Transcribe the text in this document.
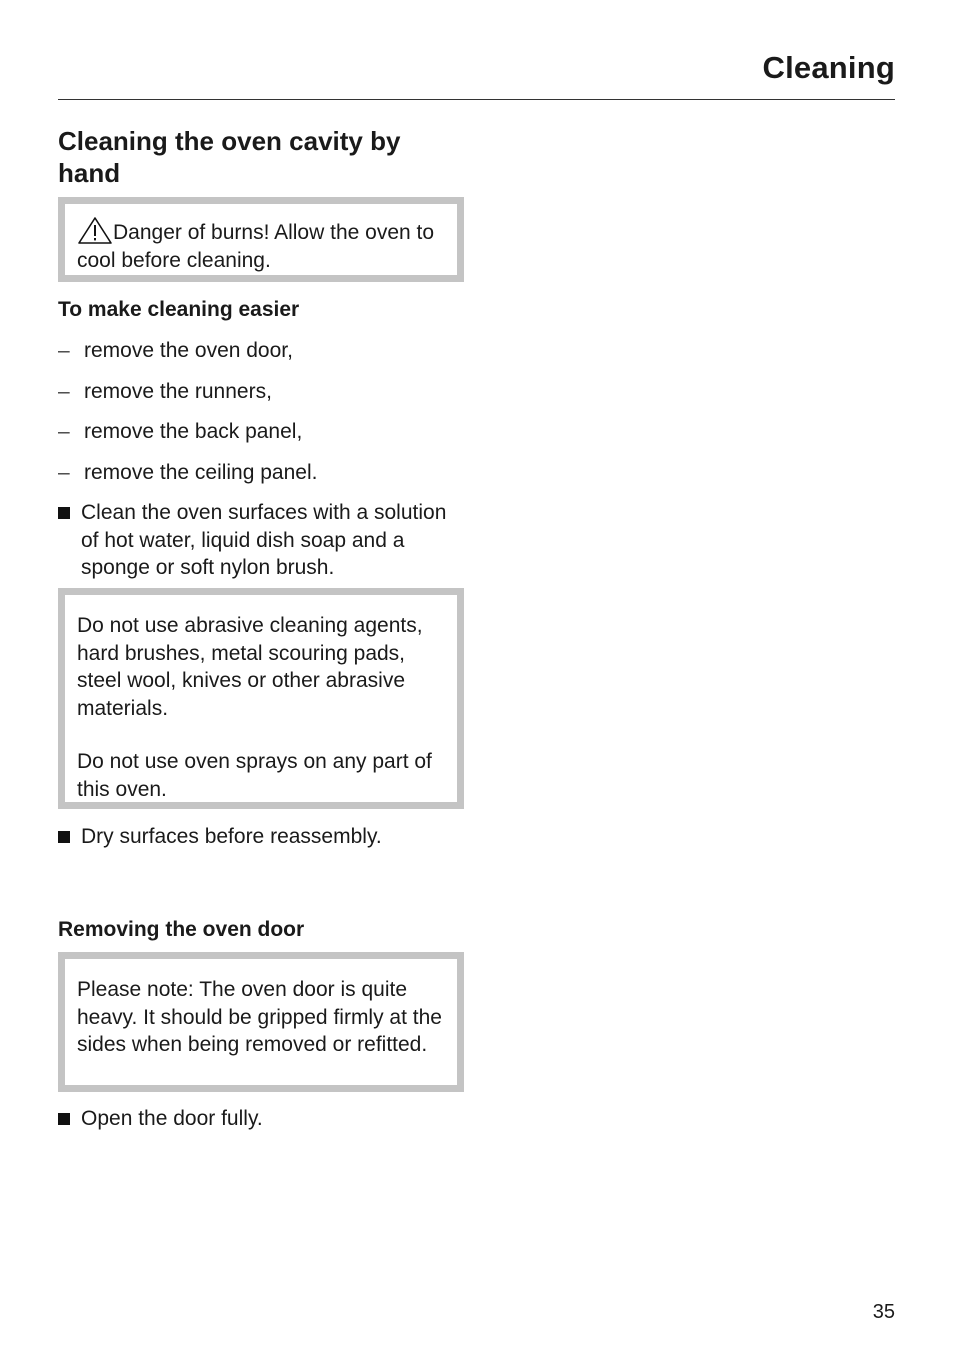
Cleaning
Cleaning the oven cavity by hand

Danger of burns! Allow the oven to cool before cleaning.

To make cleaning easier
– remove the oven door,
– remove the runners,
– remove the back panel,
– remove the ceiling panel.
Clean the oven surfaces with a solution of hot water, liquid dish soap and a sponge or soft nylon brush.

Do not use abrasive cleaning agents, hard brushes, metal scouring pads, steel wool, knives or other abrasive materials.

Do not use oven sprays on any part of this oven.

Dry surfaces before reassembly.
Removing the oven door

Please note: The oven door is quite heavy. It should be gripped firmly at the sides when being removed or refitted.

Open the door fully.
35
